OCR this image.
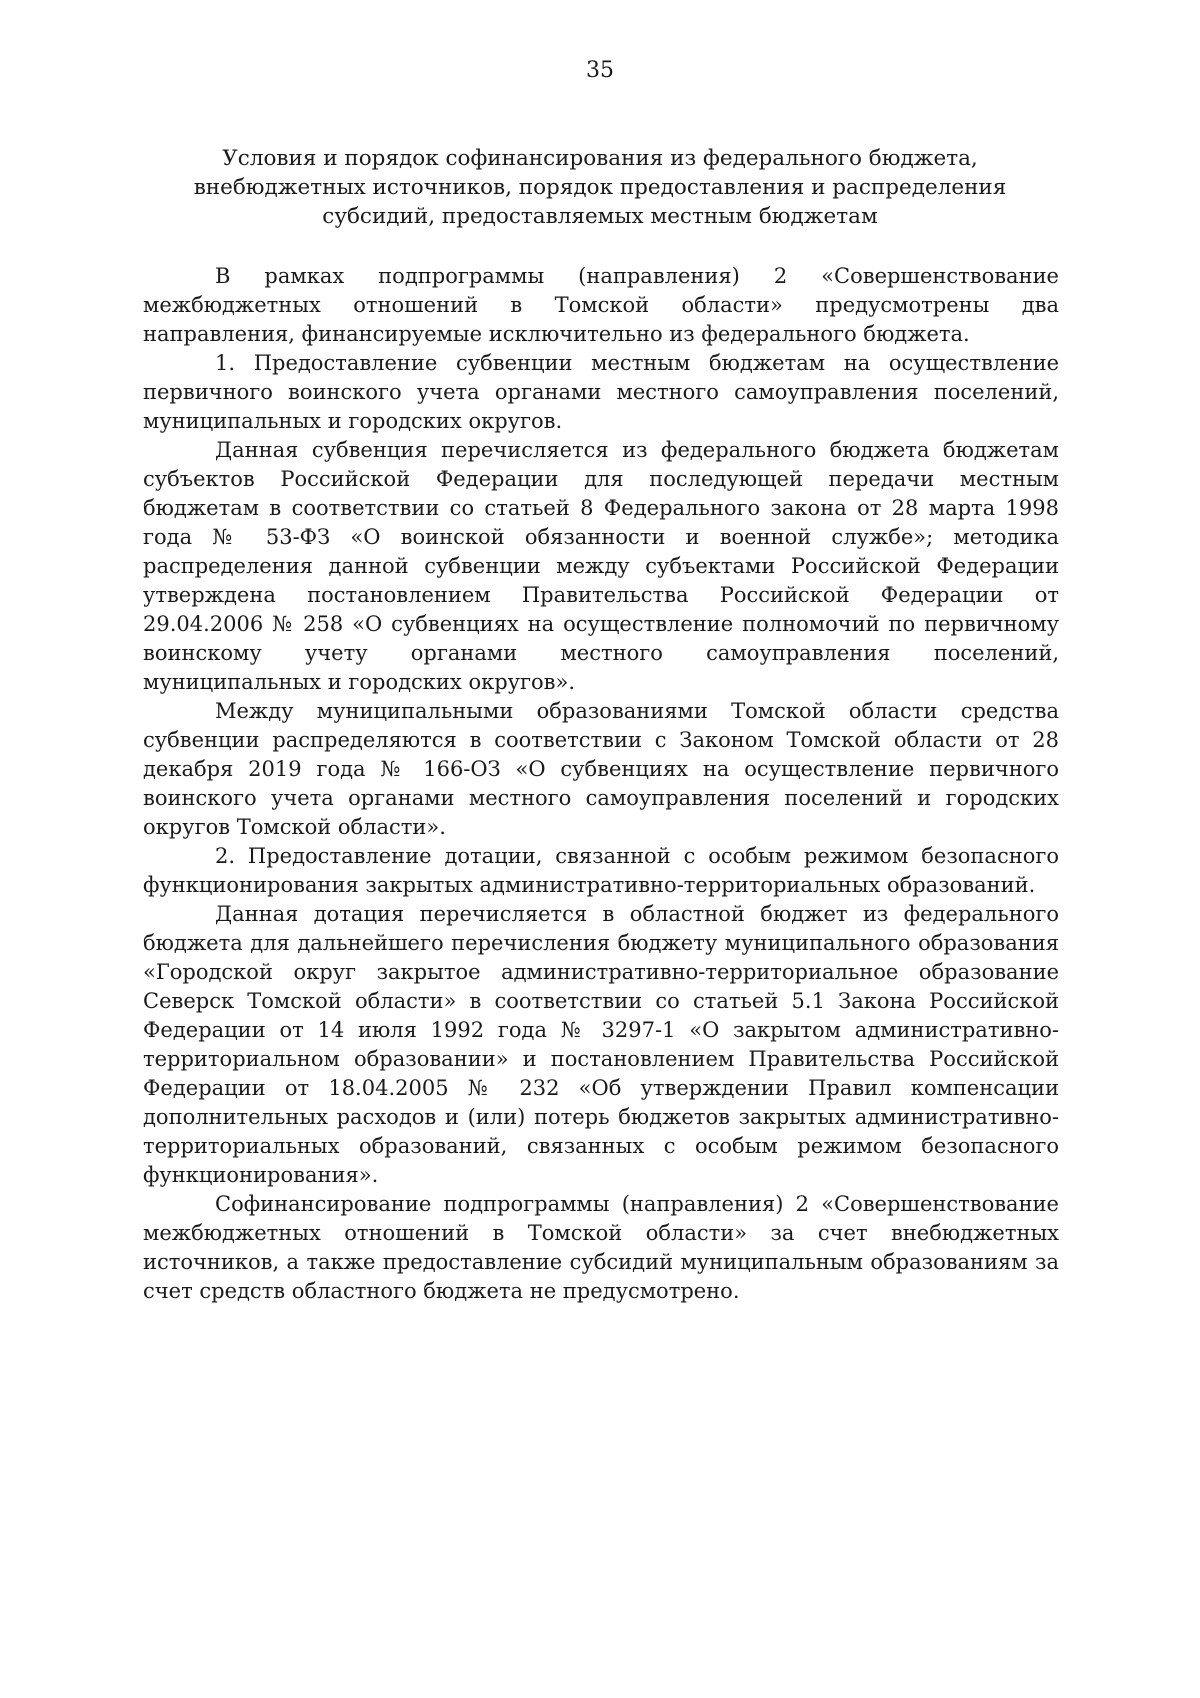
35
Условия и порядок софинансирования из федерального бюджета,
внебюджетных источников, порядок предоставления и распределения
субсидий, предоставляемых местным бюджетам

В рамках подпрограммы (направления) 2 «Совершенствование межбюджетных отношений в Томской области» предусмотрены два направления, финансируемые исключительно из федерального бюджета.

1. Предоставление субвенции местным бюджетам на осуществление первичного воинского учета органами местного самоуправления поселений, муниципальных и городских округов.

Данная субвенция перечисляется из федерального бюджета бюджетам субъектов Российской Федерации для последующей передачи местным бюджетам в соответствии со статьей 8 Федерального закона от 28 марта 1998 года № 53-ФЗ «О воинской обязанности и военной службе»; методика распределения данной субвенции между субъектами Российской Федерации утверждена постановлением Правительства Российской Федерации от 29.04.2006 № 258 «О субвенциях на осуществление полномочий по первичному воинскому учету органами местного самоуправления поселений, муниципальных и городских округов».

Между муниципальными образованиями Томской области средства субвенции распределяются в соответствии с Законом Томской области от 28 декабря 2019 года № 166-ОЗ «О субвенциях на осуществление первичного воинского учета органами местного самоуправления поселений и городских округов Томской области».

2. Предоставление дотации, связанной с особым режимом безопасного функционирования закрытых административно-территориальных образований.

Данная дотация перечисляется в областной бюджет из федерального бюджета для дальнейшего перечисления бюджету муниципального образования «Городской округ закрытое административно-территориальное образование Северск Томской области» в соответствии со статьей 5.1 Закона Российской Федерации от 14 июля 1992 года № 3297-1 «О закрытом административно-территориальном образовании» и постановлением Правительства Российской Федерации от 18.04.2005 № 232 «Об утверждении Правил компенсации дополнительных расходов и (или) потерь бюджетов закрытых административно-территориальных образований, связанных с особым режимом безопасного функционирования».

Софинансирование подпрограммы (направления) 2 «Совершенствование межбюджетных отношений в Томской области» за счет внебюджетных источников, а также предоставление субсидий муниципальным образованиям за счет средств областного бюджета не предусмотрено.
